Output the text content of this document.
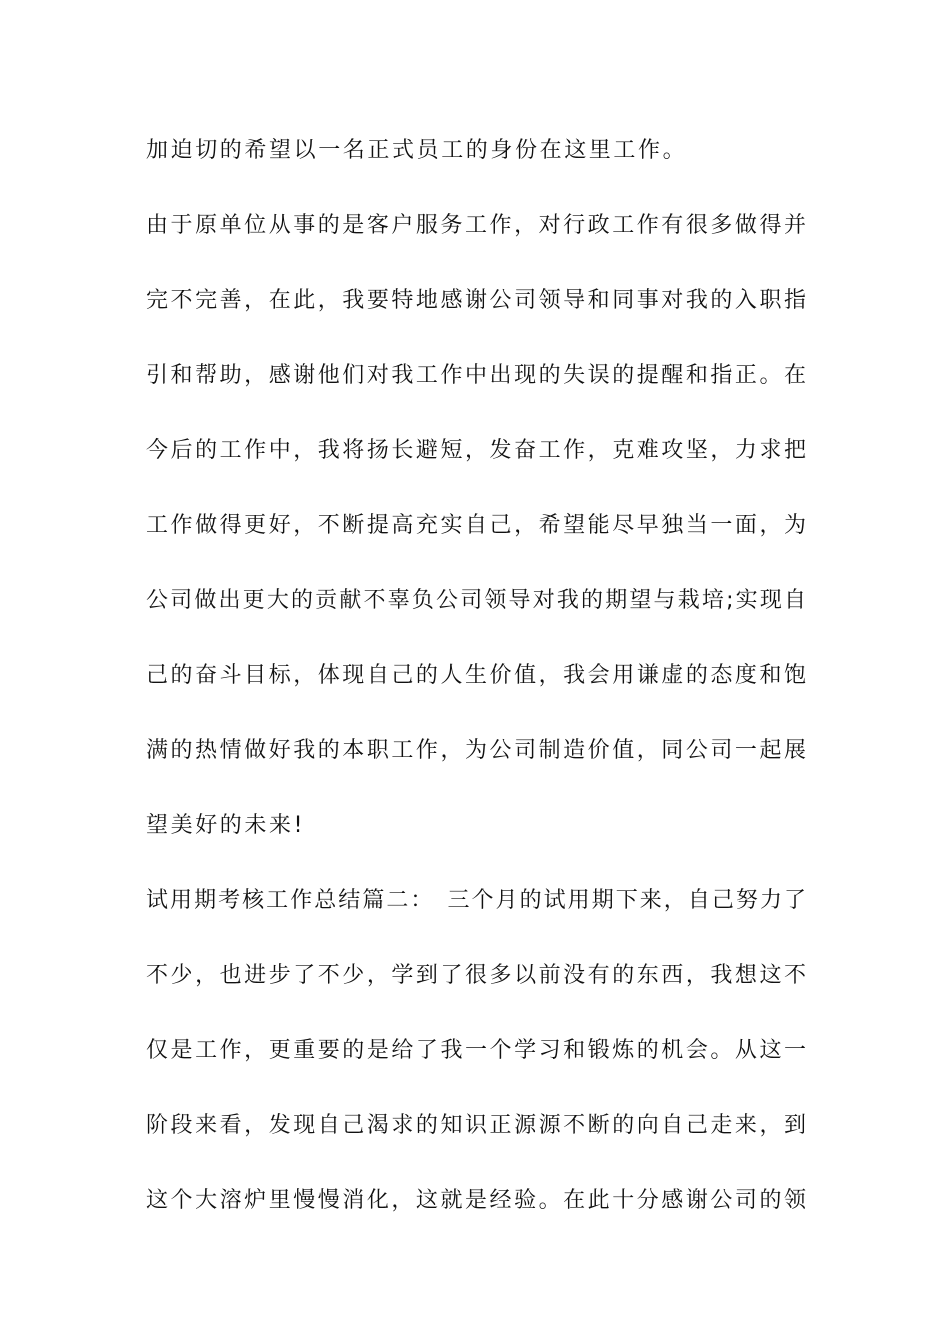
加迫切的希望以一名正式员工的身份在这里工作。
由于原单位从事的是客户服务工作，对行政工作有很多做得并
完不完善，在此，我要特地感谢公司领导和同事对我的入职指
引和帮助，感谢他们对我工作中出现的失误的提醒和指正。在
今后的工作中，我将扬长避短，发奋工作，克难攻坚，力求把
工作做得更好，不断提高充实自己，希望能尽早独当一面，为
公司做出更大的贡献不辜负公司领导对我的期望与栽培;实现自
己的奋斗目标，体现自己的人生价值，我会用谦虚的态度和饱
满的热情做好我的本职工作，为公司制造价值，同公司一起展
望美好的未来!
试用期考核工作总结篇二：　三个月的试用期下来，自己努力了
不少，也进步了不少，学到了很多以前没有的东西，我想这不
仅是工作，更重要的是给了我一个学习和锻炼的机会。从这一
阶段来看，发现自己渴求的知识正源源不断的向自己走来，到
这个大溶炉里慢慢消化，这就是经验。在此十分感谢公司的领
